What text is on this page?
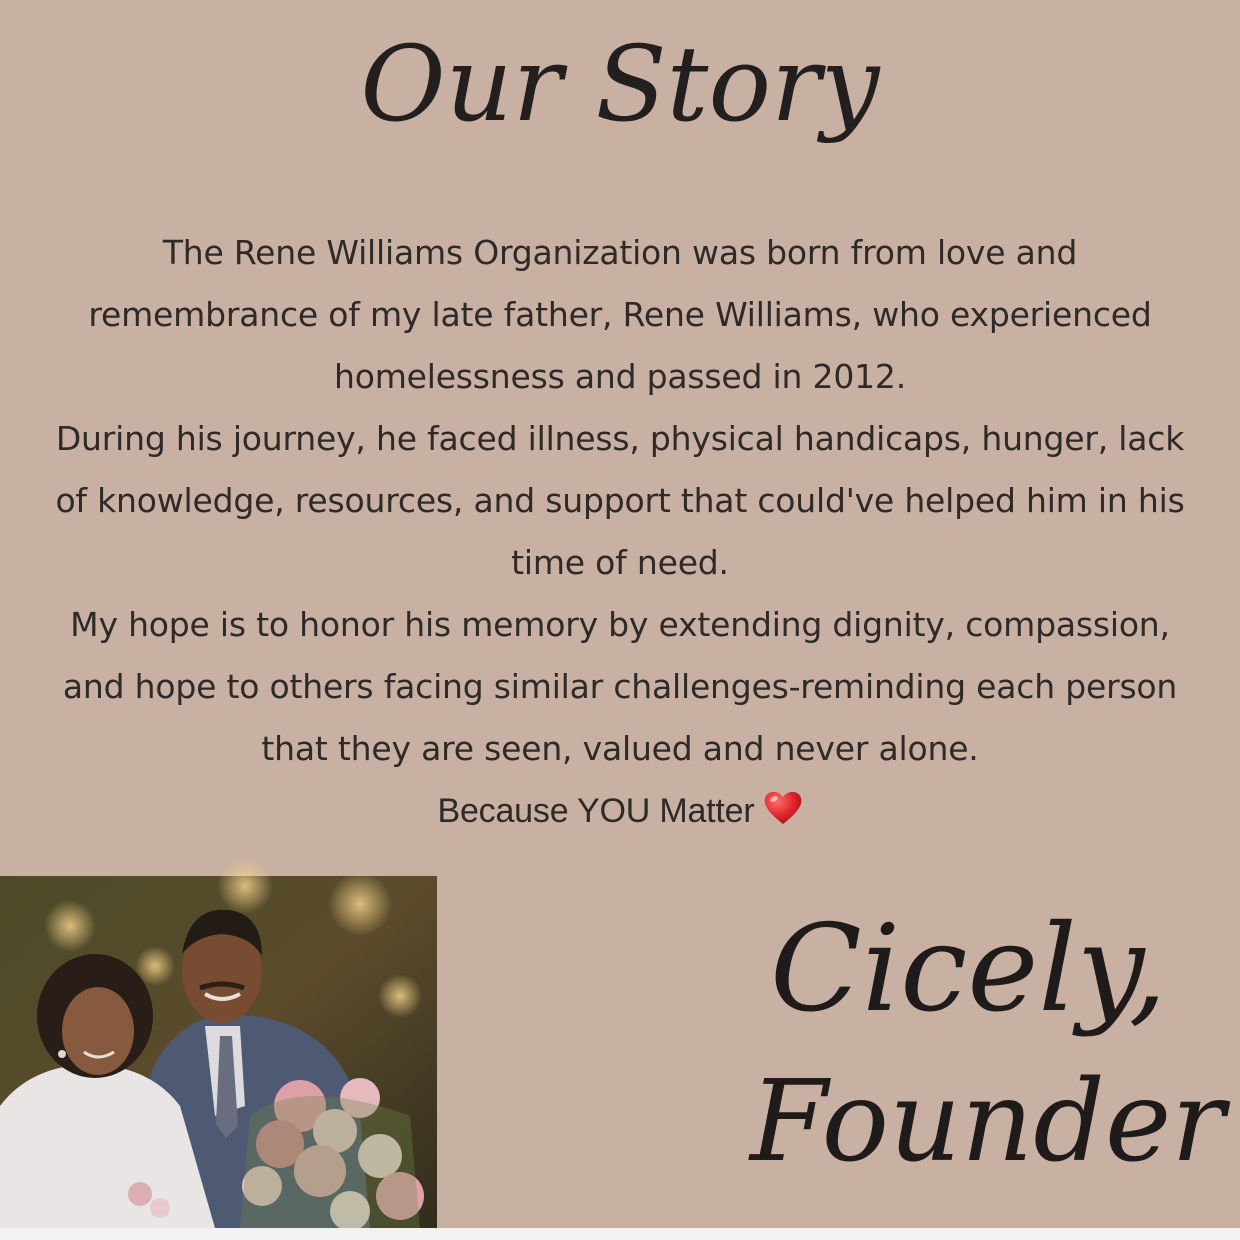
Our Story
The Rene Williams Organization was born from love and
remembrance of my late father, Rene Williams, who experienced
homelessness and passed in 2012.
During his journey, he faced illness, physical handicaps, hunger, lack
of knowledge, resources, and support that could've helped him in his
time of need.
My hope is to honor his memory by extending dignity, compassion,
and hope to others facing similar challenges-reminding each person
that they are seen, valued and never alone.
Because YOU Matter
Cicely,
Founder
